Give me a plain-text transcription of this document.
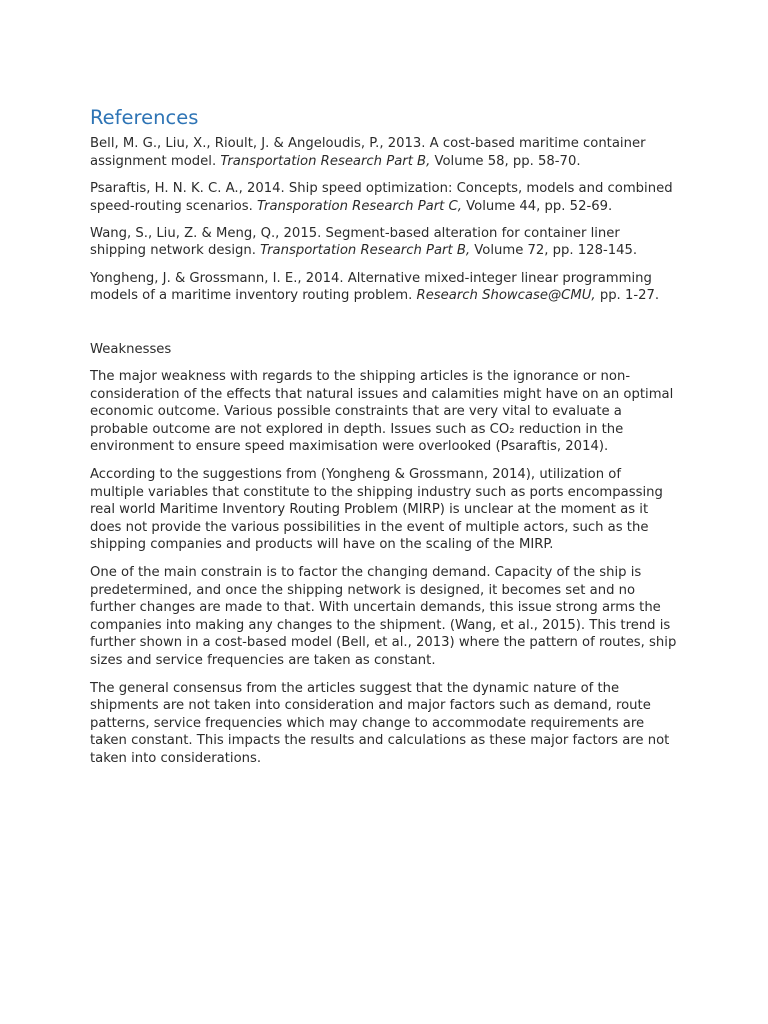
References

Bell, M. G., Liu, X., Rioult, J. & Angeloudis, P., 2013. A cost-based maritime container assignment model. Transportation Research Part B, Volume 58, pp. 58-70.

Psaraftis, H. N. K. C. A., 2014. Ship speed optimization: Concepts, models and combined speed-routing scenarios. Transporation Research Part C, Volume 44, pp. 52-69.

Wang, S., Liu, Z. & Meng, Q., 2015. Segment-based alteration for container liner shipping network design. Transportation Research Part B, Volume 72, pp. 128-145.

Yongheng, J. & Grossmann, I. E., 2014. Alternative mixed-integer linear programming models of a maritime inventory routing problem. Research Showcase@CMU, pp. 1-27.

Weaknesses

The major weakness with regards to the shipping articles is the ignorance or non-consideration of the effects that natural issues and calamities might have on an optimal economic outcome. Various possible constraints that are very vital to evaluate a probable outcome are not explored in depth. Issues such as CO₂ reduction in the environment to ensure speed maximisation were overlooked (Psaraftis, 2014).

According to the suggestions from (Yongheng & Grossmann, 2014), utilization of multiple variables that constitute to the shipping industry such as ports encompassing real world Maritime Inventory Routing Problem (MIRP) is unclear at the moment as it does not provide the various possibilities in the event of multiple actors, such as the shipping companies and products will have on the scaling of the MIRP.

One of the main constrain is to factor the changing demand. Capacity of the ship is predetermined, and once the shipping network is designed, it becomes set and no further changes are made to that. With uncertain demands, this issue strong arms the companies into making any changes to the shipment. (Wang, et al., 2015). This trend is further shown in a cost-based model (Bell, et al., 2013) where the pattern of routes, ship sizes and service frequencies are taken as constant.

The general consensus from the articles suggest that the dynamic nature of the shipments are not taken into consideration and major factors such as demand, route patterns, service frequencies which may change to accommodate requirements are taken constant. This impacts the results and calculations as these major factors are not taken into considerations.
